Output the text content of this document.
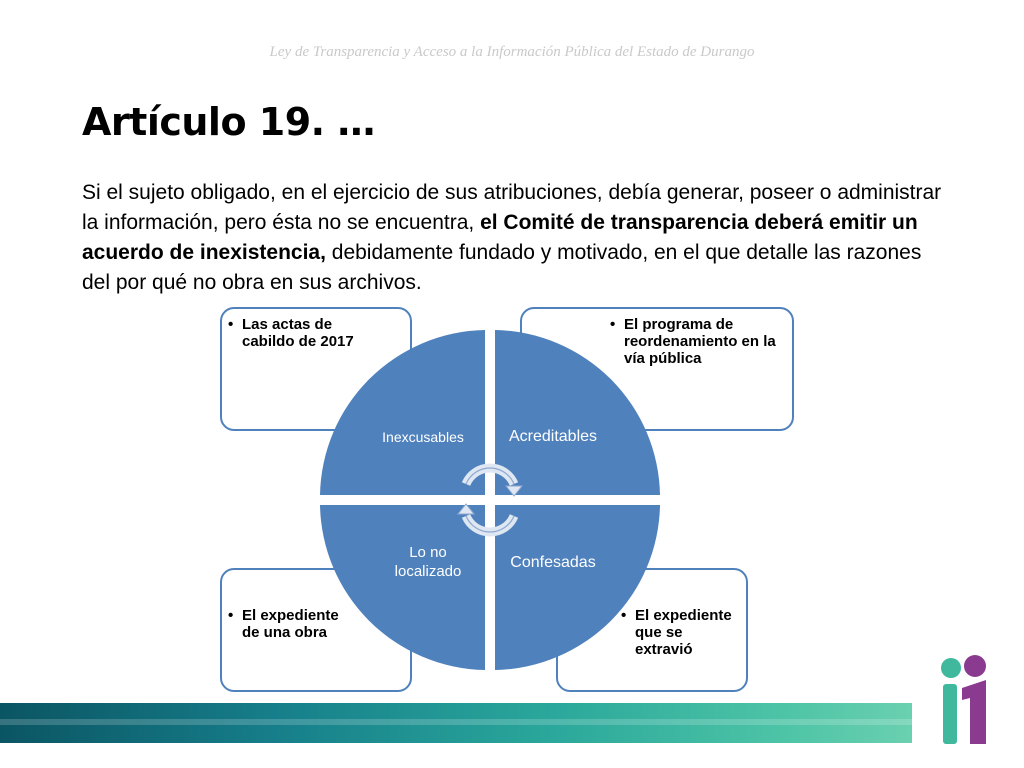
Ley de Transparencia y Acceso a la Información Pública del Estado de Durango
Artículo 19. …
Si el sujeto obligado, en el ejercicio de sus atribuciones, debía generar, poseer o administrar la información, pero ésta no se encuentra, el Comité de transparencia deberá emitir un acuerdo de inexistencia, debidamente fundado y motivado, en el que detalle las razones del por qué no obra en sus archivos.
• Las actas de cabildo de 2017
• El programa de reordenamiento en la vía pública
• El expediente de una obra
• El expediente que se extravió
Inexcusables	Acreditables
Lo no localizado
Confesadas
